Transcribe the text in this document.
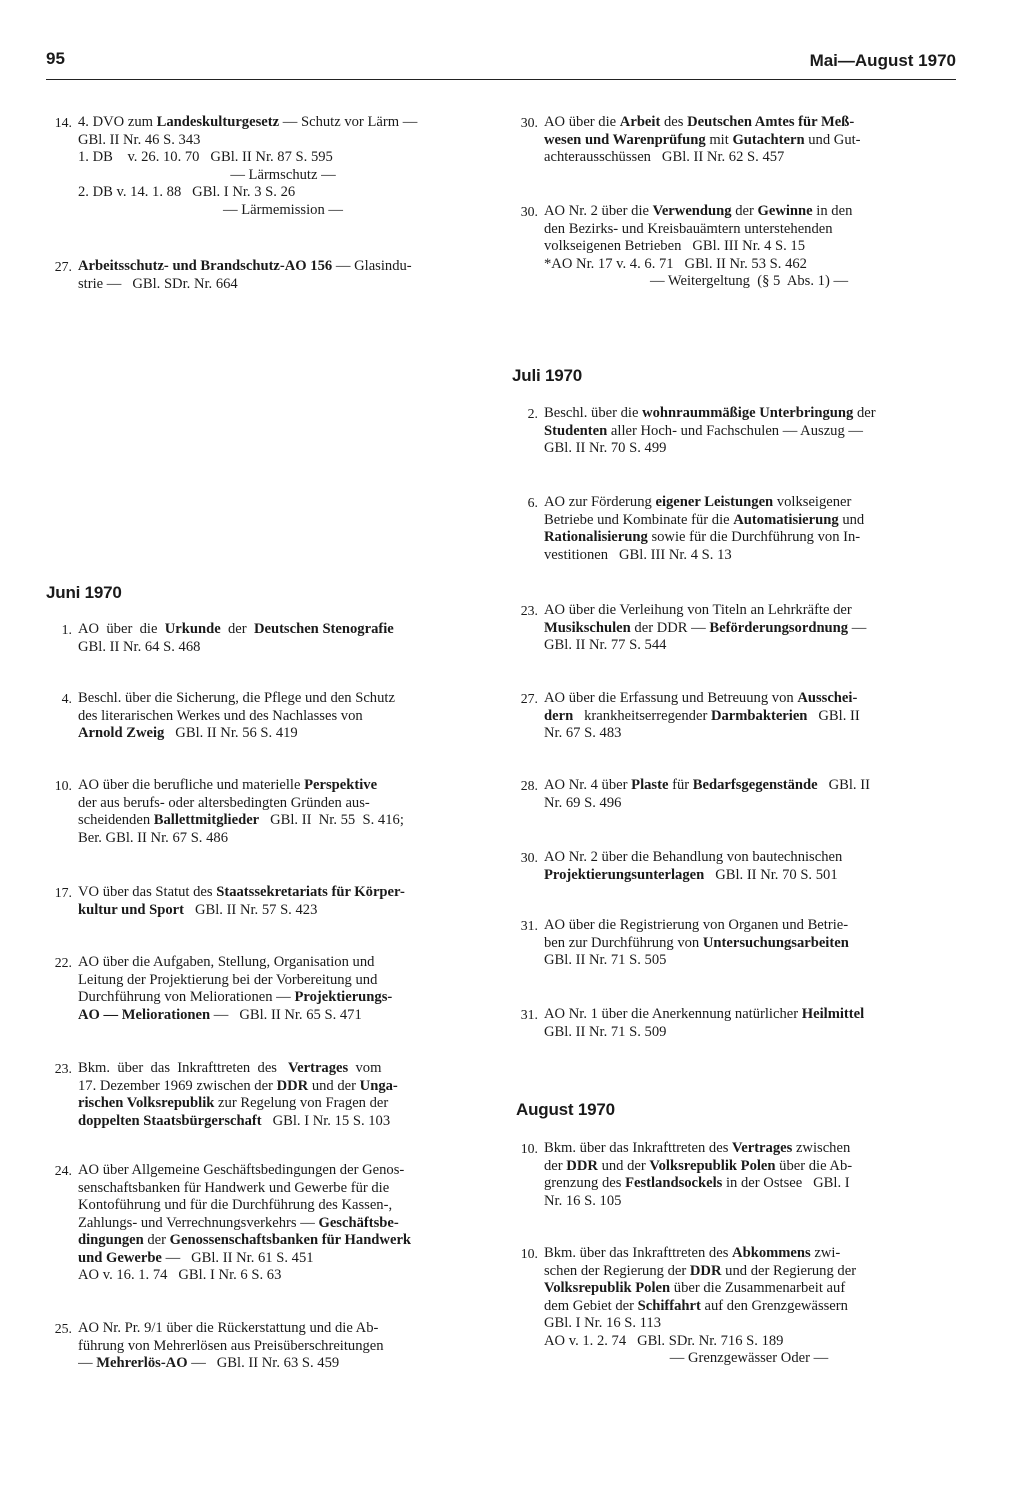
95	Mai—August 1970
14. 4. DVO zum Landeskulturgesetz — Schutz vor Lärm —
GBl. II Nr. 46 S. 343
1. DB    v. 26. 10. 70   GBl. II Nr. 87 S. 595
— Lärmschutz —
2. DB v. 14. 1. 88   GBl. I Nr. 3 S. 26
— Lärmemission —
27. Arbeitsschutz- und Brandschutz-AO 156 — Glasindu-
strie —   GBl. SDr. Nr. 664
Juni 1970
1. AO  über  die  Urkunde  der  Deutschen Stenografie
GBl. II Nr. 64 S. 468
4. Beschl. über die Sicherung, die Pflege und den Schutz
des literarischen Werkes und des Nachlasses von
Arnold Zweig   GBl. II Nr. 56 S. 419
10. AO über die berufliche und materielle Perspektive
der aus berufs- oder altersbedingten Gründen aus-
scheidenden Ballettmitglieder   GBl. II  Nr. 55  S. 416;
Ber. GBl. II Nr. 67 S. 486
17. VO über das Statut des Staatssekretariats für Körper-
kultur und Sport   GBl. II Nr. 57 S. 423
22. AO über die Aufgaben, Stellung, Organisation und
Leitung der Projektierung bei der Vorbereitung und
Durchführung von Meliorationen — Projektierungs-
AO — Meliorationen —   GBl. II Nr. 65 S. 471
23. Bkm.  über  das  Inkrafttreten  des   Vertrages  vom
17. Dezember 1969 zwischen der DDR und der Unga-
rischen Volksrepublik zur Regelung von Fragen der
doppelten Staatsbürgerschaft   GBl. I Nr. 15 S. 103
24. AO über Allgemeine Geschäftsbedingungen der Genos-
senschaftsbanken für Handwerk und Gewerbe für die
Kontoführung und für die Durchführung des Kassen-,
Zahlungs- und Verrechnungsverkehrs — Geschäftsbe-
dingungen der Genossenschaftsbanken für Handwerk
und Gewerbe —   GBl. II Nr. 61 S. 451
AO v. 16. 1. 74   GBl. I Nr. 6 S. 63
25. AO Nr. Pr. 9/1 über die Rückerstattung und die Ab-
führung von Mehrerlösen aus Preisüberschreitungen
— Mehrerlös-AO —   GBl. II Nr. 63 S. 459
30. AO über die Arbeit des Deutschen Amtes für Meß-
wesen und Warenprüfung mit Gutachtern und Gut-
achterausschüssen   GBl. II Nr. 62 S. 457
30. AO Nr. 2 über die Verwendung der Gewinne in den
den Bezirks- und Kreisbauämtern unterstehenden
volkseigenen Betrieben   GBl. III Nr. 4 S. 15
*AO Nr. 17 v. 4. 6. 71   GBl. II Nr. 53 S. 462
— Weitergeltung  (§ 5  Abs. 1) —
Juli 1970
2. Beschl. über die wohnraummäßige Unterbringung der
Studenten aller Hoch- und Fachschulen — Auszug —
GBl. II Nr. 70 S. 499
6. AO zur Förderung eigener Leistungen volkseigener
Betriebe und Kombinate für die Automatisierung und
Rationalisierung sowie für die Durchführung von In-
vestitionen   GBl. III Nr. 4 S. 13
23. AO über die Verleihung von Titeln an Lehrkräfte der
Musikschulen der DDR — Beförderungsordnung —
GBl. II Nr. 77 S. 544
27. AO über die Erfassung und Betreuung von Ausschei-
dern   krankheitserregender Darmbakterien   GBl. II
Nr. 67 S. 483
28. AO Nr. 4 über Plaste für Bedarfsgegenstände   GBl. II
Nr. 69 S. 496
30. AO Nr. 2 über die Behandlung von bautechnischen
Projektierungsunterlagen   GBl. II Nr. 70 S. 501
31. AO über die Registrierung von Organen und Betrie-
ben zur Durchführung von Untersuchungsarbeiten
GBl. II Nr. 71 S. 505
31. AO Nr. 1 über die Anerkennung natürlicher Heilmittel
GBl. II Nr. 71 S. 509
August 1970
10. Bkm. über das Inkrafttreten des Vertrages zwischen
der DDR und der Volksrepublik Polen über die Ab-
grenzung des Festlandsockels in der Ostsee   GBl. I
Nr. 16 S. 105
10. Bkm. über das Inkrafttreten des Abkommens zwi-
schen der Regierung der DDR und der Regierung der
Volksrepublik Polen über die Zusammenarbeit auf
dem Gebiet der Schiffahrt auf den Grenzgewässern
GBl. I Nr. 16 S. 113
AO v. 1. 2. 74   GBl. SDr. Nr. 716 S. 189
— Grenzgewässer Oder —
